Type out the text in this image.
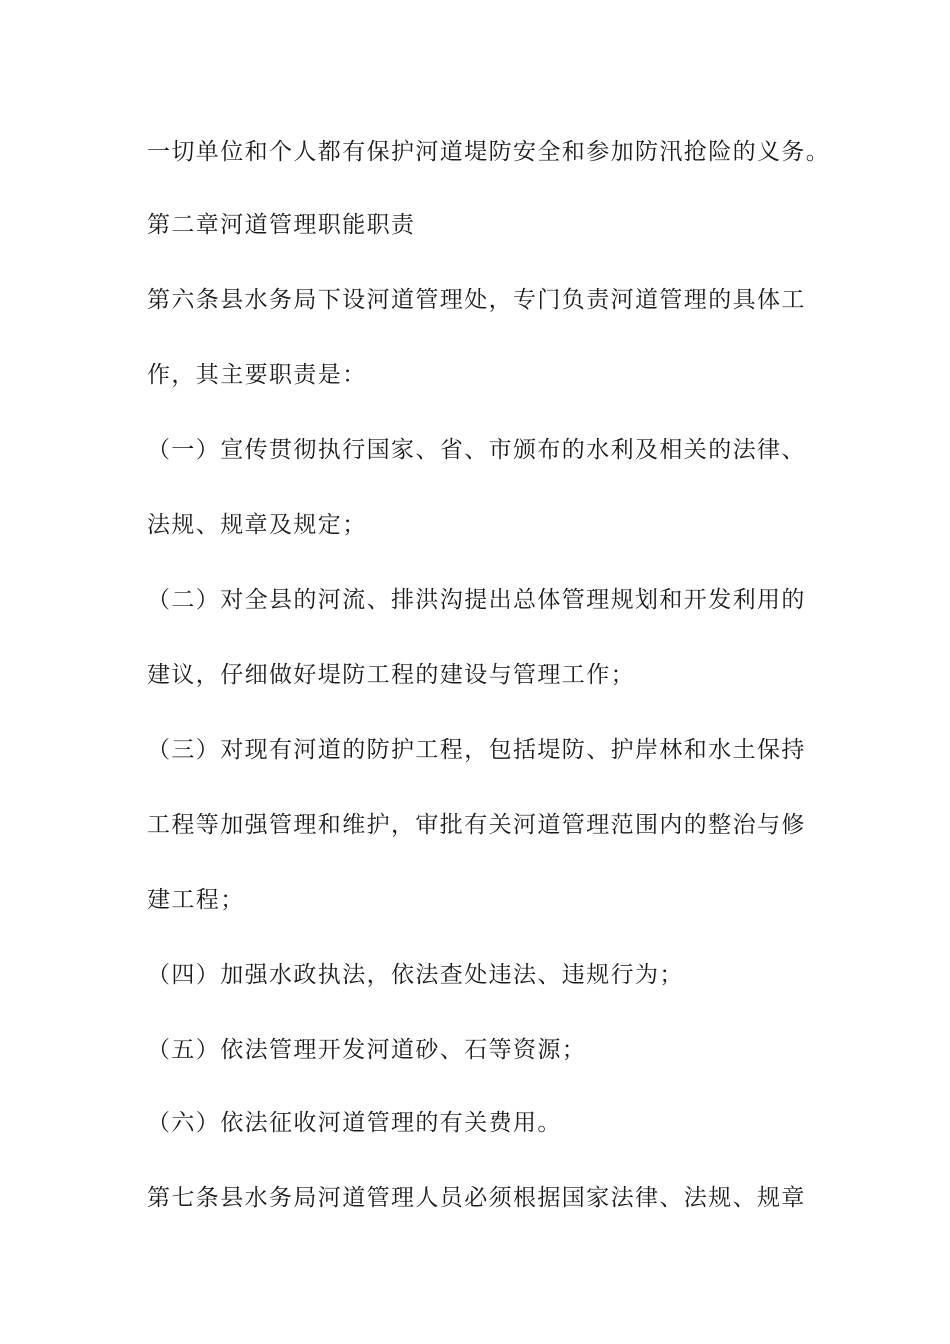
一切单位和个人都有保护河道堤防安全和参加防汛抢险的义务。
第二章河道管理职能职责
第六条县水务局下设河道管理处，专门负责河道管理的具体工
作，其主要职责是：
（一）宣传贯彻执行国家、省、市颁布的水利及相关的法律、
法规、规章及规定；
（二）对全县的河流、排洪沟提出总体管理规划和开发利用的
建议，仔细做好堤防工程的建设与管理工作；
（三）对现有河道的防护工程，包括堤防、护岸林和水土保持
工程等加强管理和维护，审批有关河道管理范围内的整治与修
建工程；
（四）加强水政执法，依法查处违法、违规行为；
（五）依法管理开发河道砂、石等资源；
（六）依法征收河道管理的有关费用。
第七条县水务局河道管理人员必须根据国家法律、法规、规章
